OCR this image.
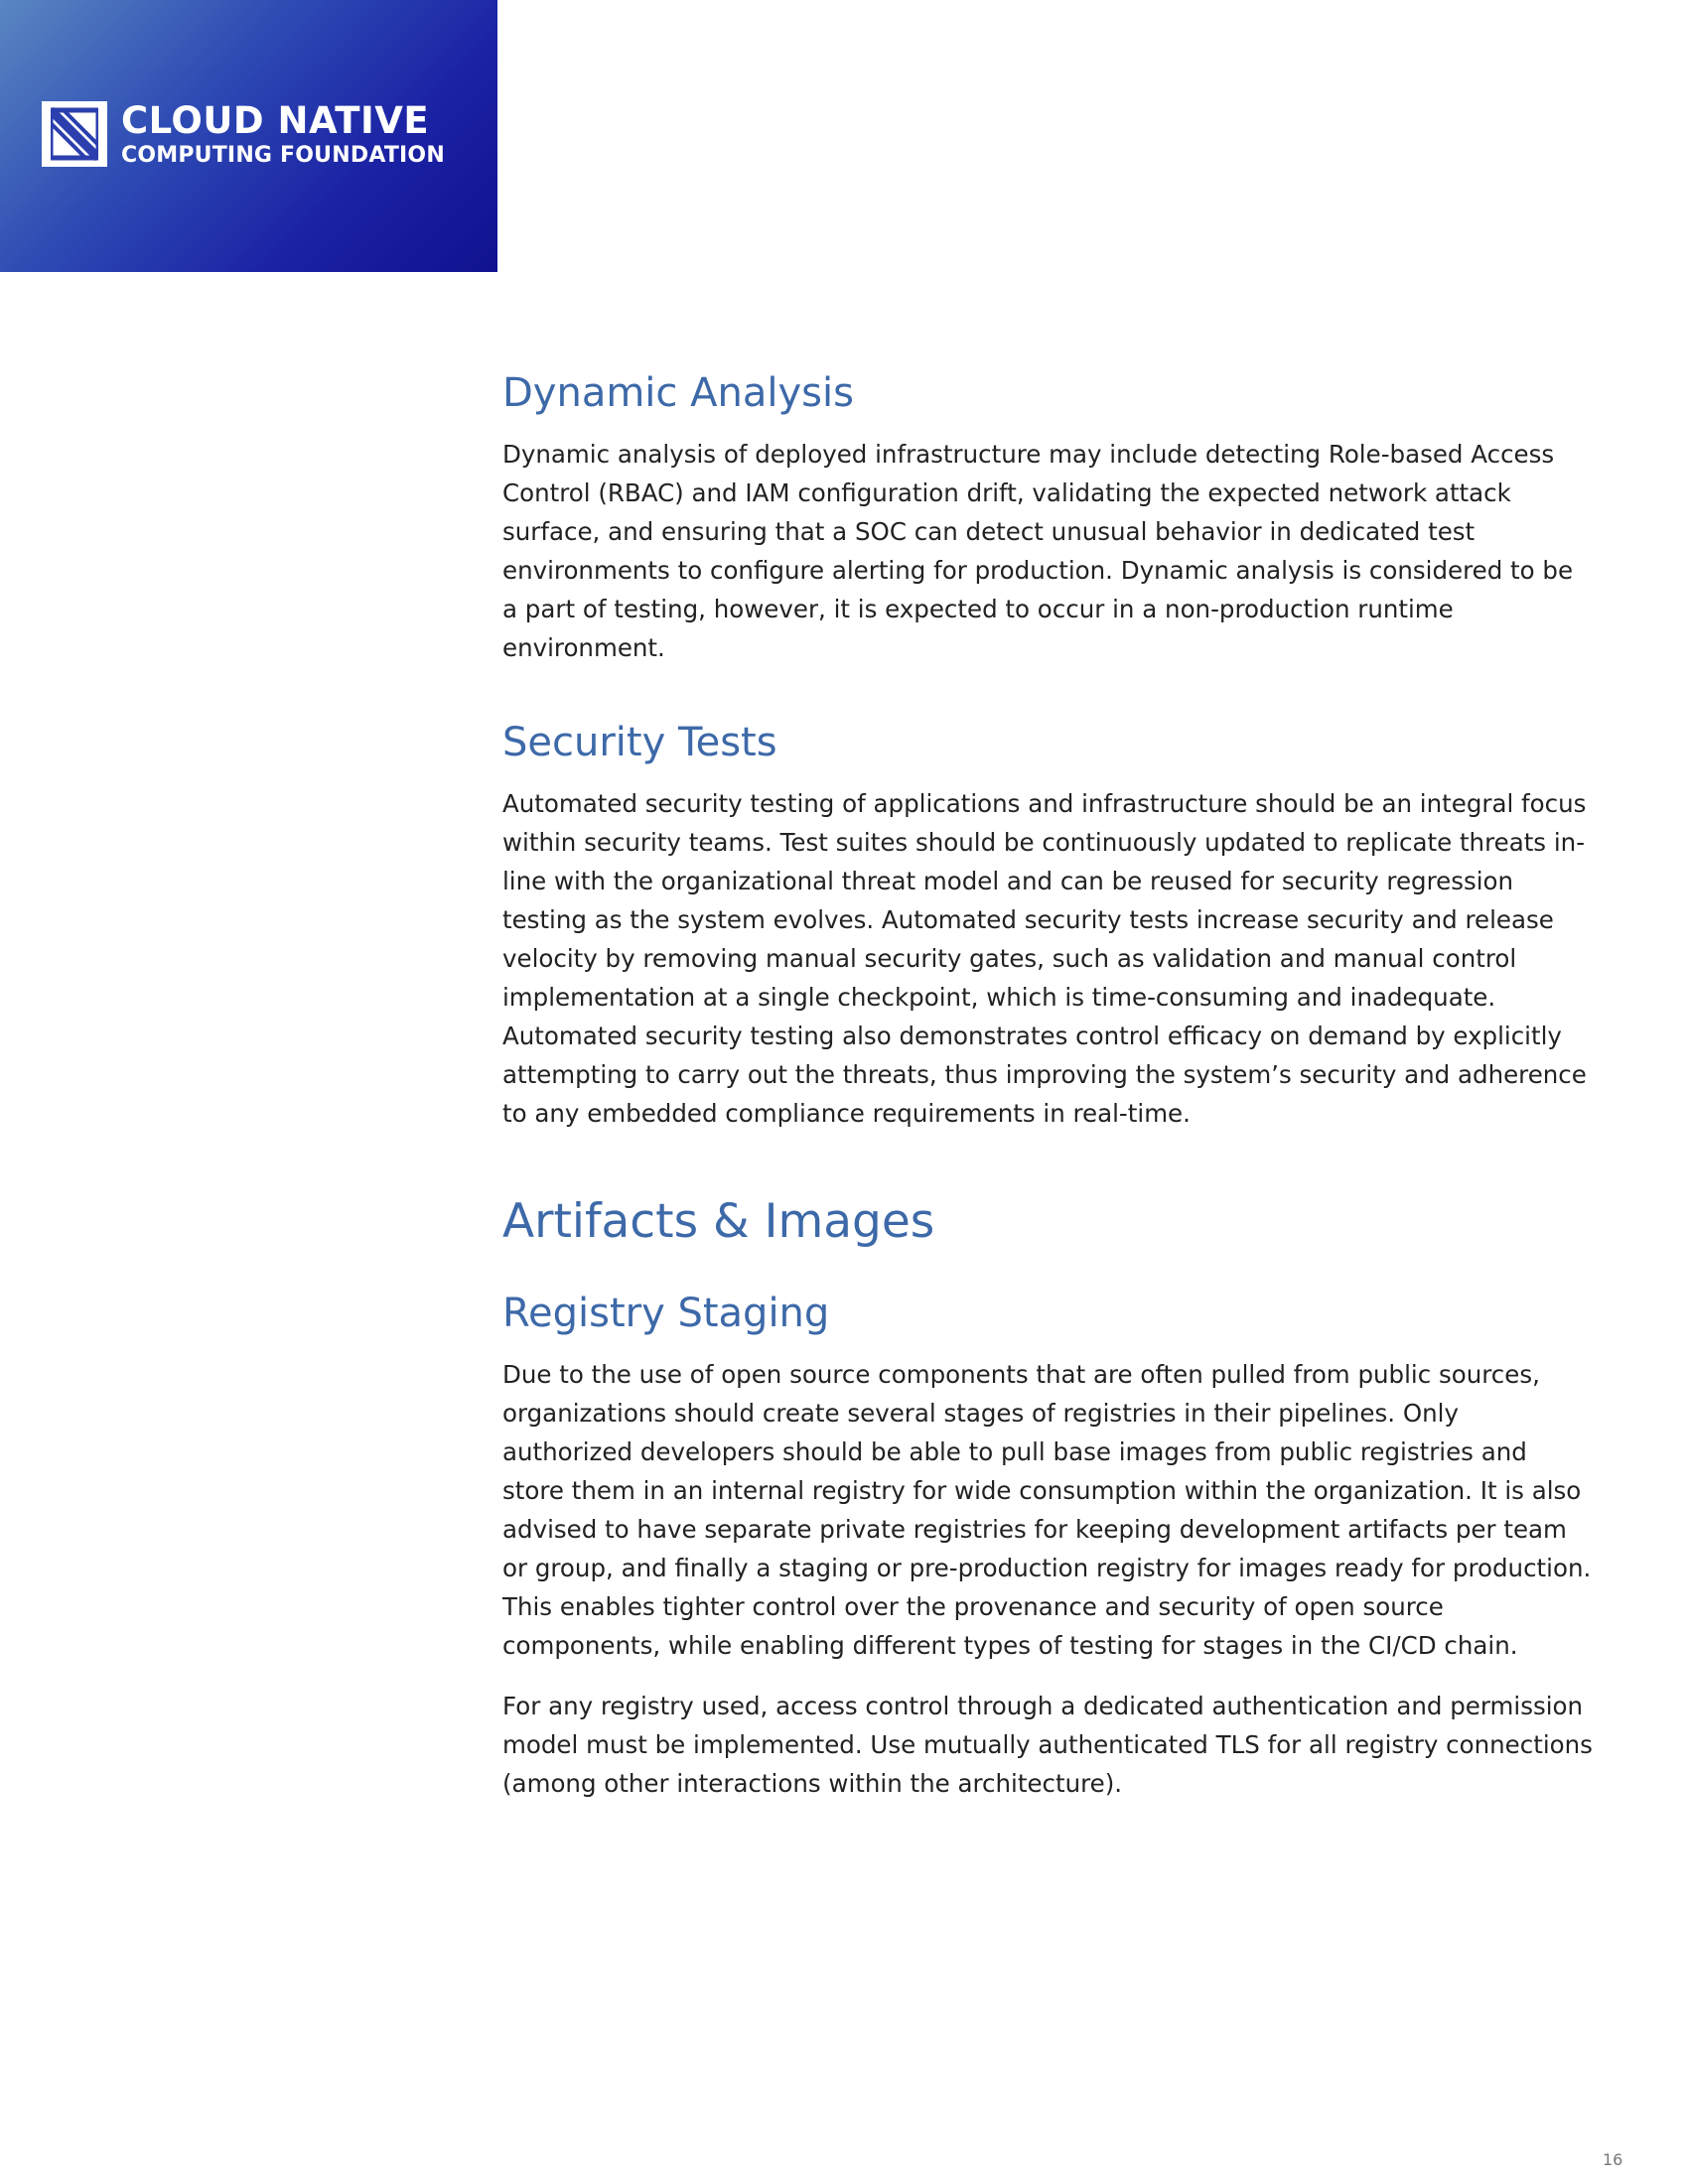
CLOUD NATIVE
COMPUTING FOUNDATION
Dynamic Analysis

Dynamic analysis of deployed infrastructure may include detecting Role-based Access Control (RBAC) and IAM configuration drift, validating the expected network attack surface, and ensuring that a SOC can detect unusual behavior in dedicated test environments to configure alerting for production. Dynamic analysis is considered to be a part of testing, however, it is expected to occur in a non-production runtime environment.

Security Tests

Automated security testing of applications and infrastructure should be an integral focus within security teams. Test suites should be continuously updated to replicate threats in-line with the organizational threat model and can be reused for security regression testing as the system evolves. Automated security tests increase security and release velocity by removing manual security gates, such as validation and manual control implementation at a single checkpoint, which is time-consuming and inadequate. Automated security testing also demonstrates control efficacy on demand by explicitly attempting to carry out the threats, thus improving the system’s security and adherence to any embedded compliance requirements in real-time.

Artifacts & Images
Registry Staging

Due to the use of open source components that are often pulled from public sources, organizations should create several stages of registries in their pipelines. Only authorized developers should be able to pull base images from public registries and store them in an internal registry for wide consumption within the organization. It is also advised to have separate private registries for keeping development artifacts per team or group, and finally a staging or pre-production registry for images ready for production. This enables tighter control over the provenance and security of open source components, while enabling different types of testing for stages in the CI/CD chain.

For any registry used, access control through a dedicated authentication and permission model must be implemented. Use mutually authenticated TLS for all registry connections (among other interactions within the architecture).

16
